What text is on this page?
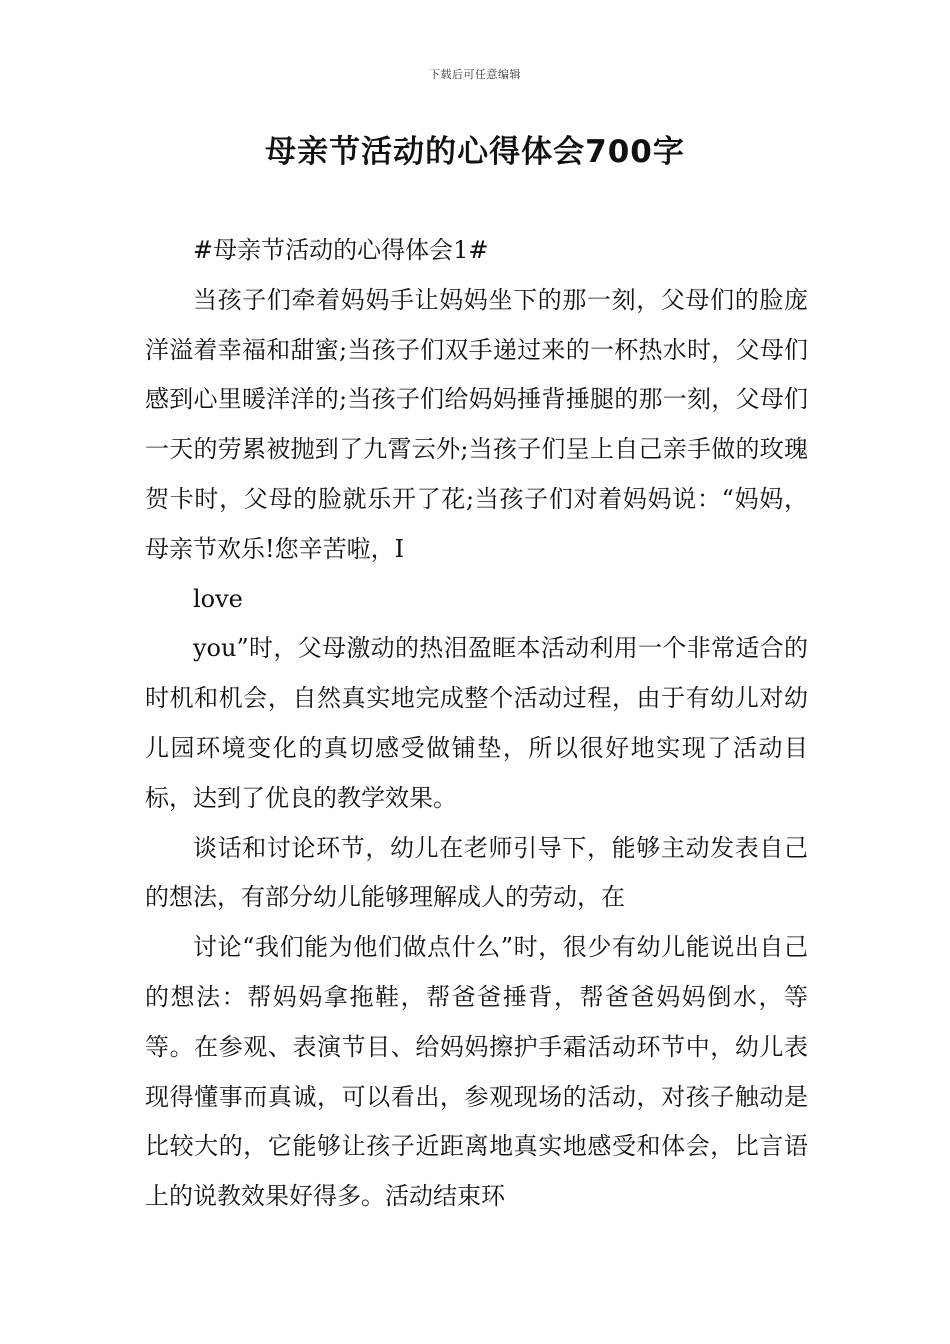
下载后可任意编辑
母亲节活动的心得体会700字

#母亲节活动的心得体会1#

当孩子们牵着妈妈手让妈妈坐下的那一刻，父母们的脸庞洋溢着幸福和甜蜜;当孩子们双手递过来的一杯热水时，父母们感到心里暖洋洋的;当孩子们给妈妈捶背捶腿的那一刻，父母们一天的劳累被抛到了九霄云外;当孩子们呈上自己亲手做的玫瑰贺卡时，父母的脸就乐开了花;当孩子们对着妈妈说：“妈妈，母亲节欢乐!您辛苦啦，I

love

you”时，父母激动的热泪盈眶本活动利用一个非常适合的时机和机会，自然真实地完成整个活动过程，由于有幼儿对幼儿园环境变化的真切感受做铺垫，所以很好地实现了活动目标，达到了优良的教学效果。

谈话和讨论环节，幼儿在老师引导下，能够主动发表自己的想法，有部分幼儿能够理解成人的劳动，在

讨论“我们能为他们做点什么”时，很少有幼儿能说出自己的想法：帮妈妈拿拖鞋，帮爸爸捶背，帮爸爸妈妈倒水，等等。在参观、表演节目、给妈妈擦护手霜活动环节中，幼儿表现得懂事而真诚，可以看出，参观现场的活动，对孩子触动是比较大的，它能够让孩子近距离地真实地感受和体会，比言语上的说教效果好得多。活动结束环
